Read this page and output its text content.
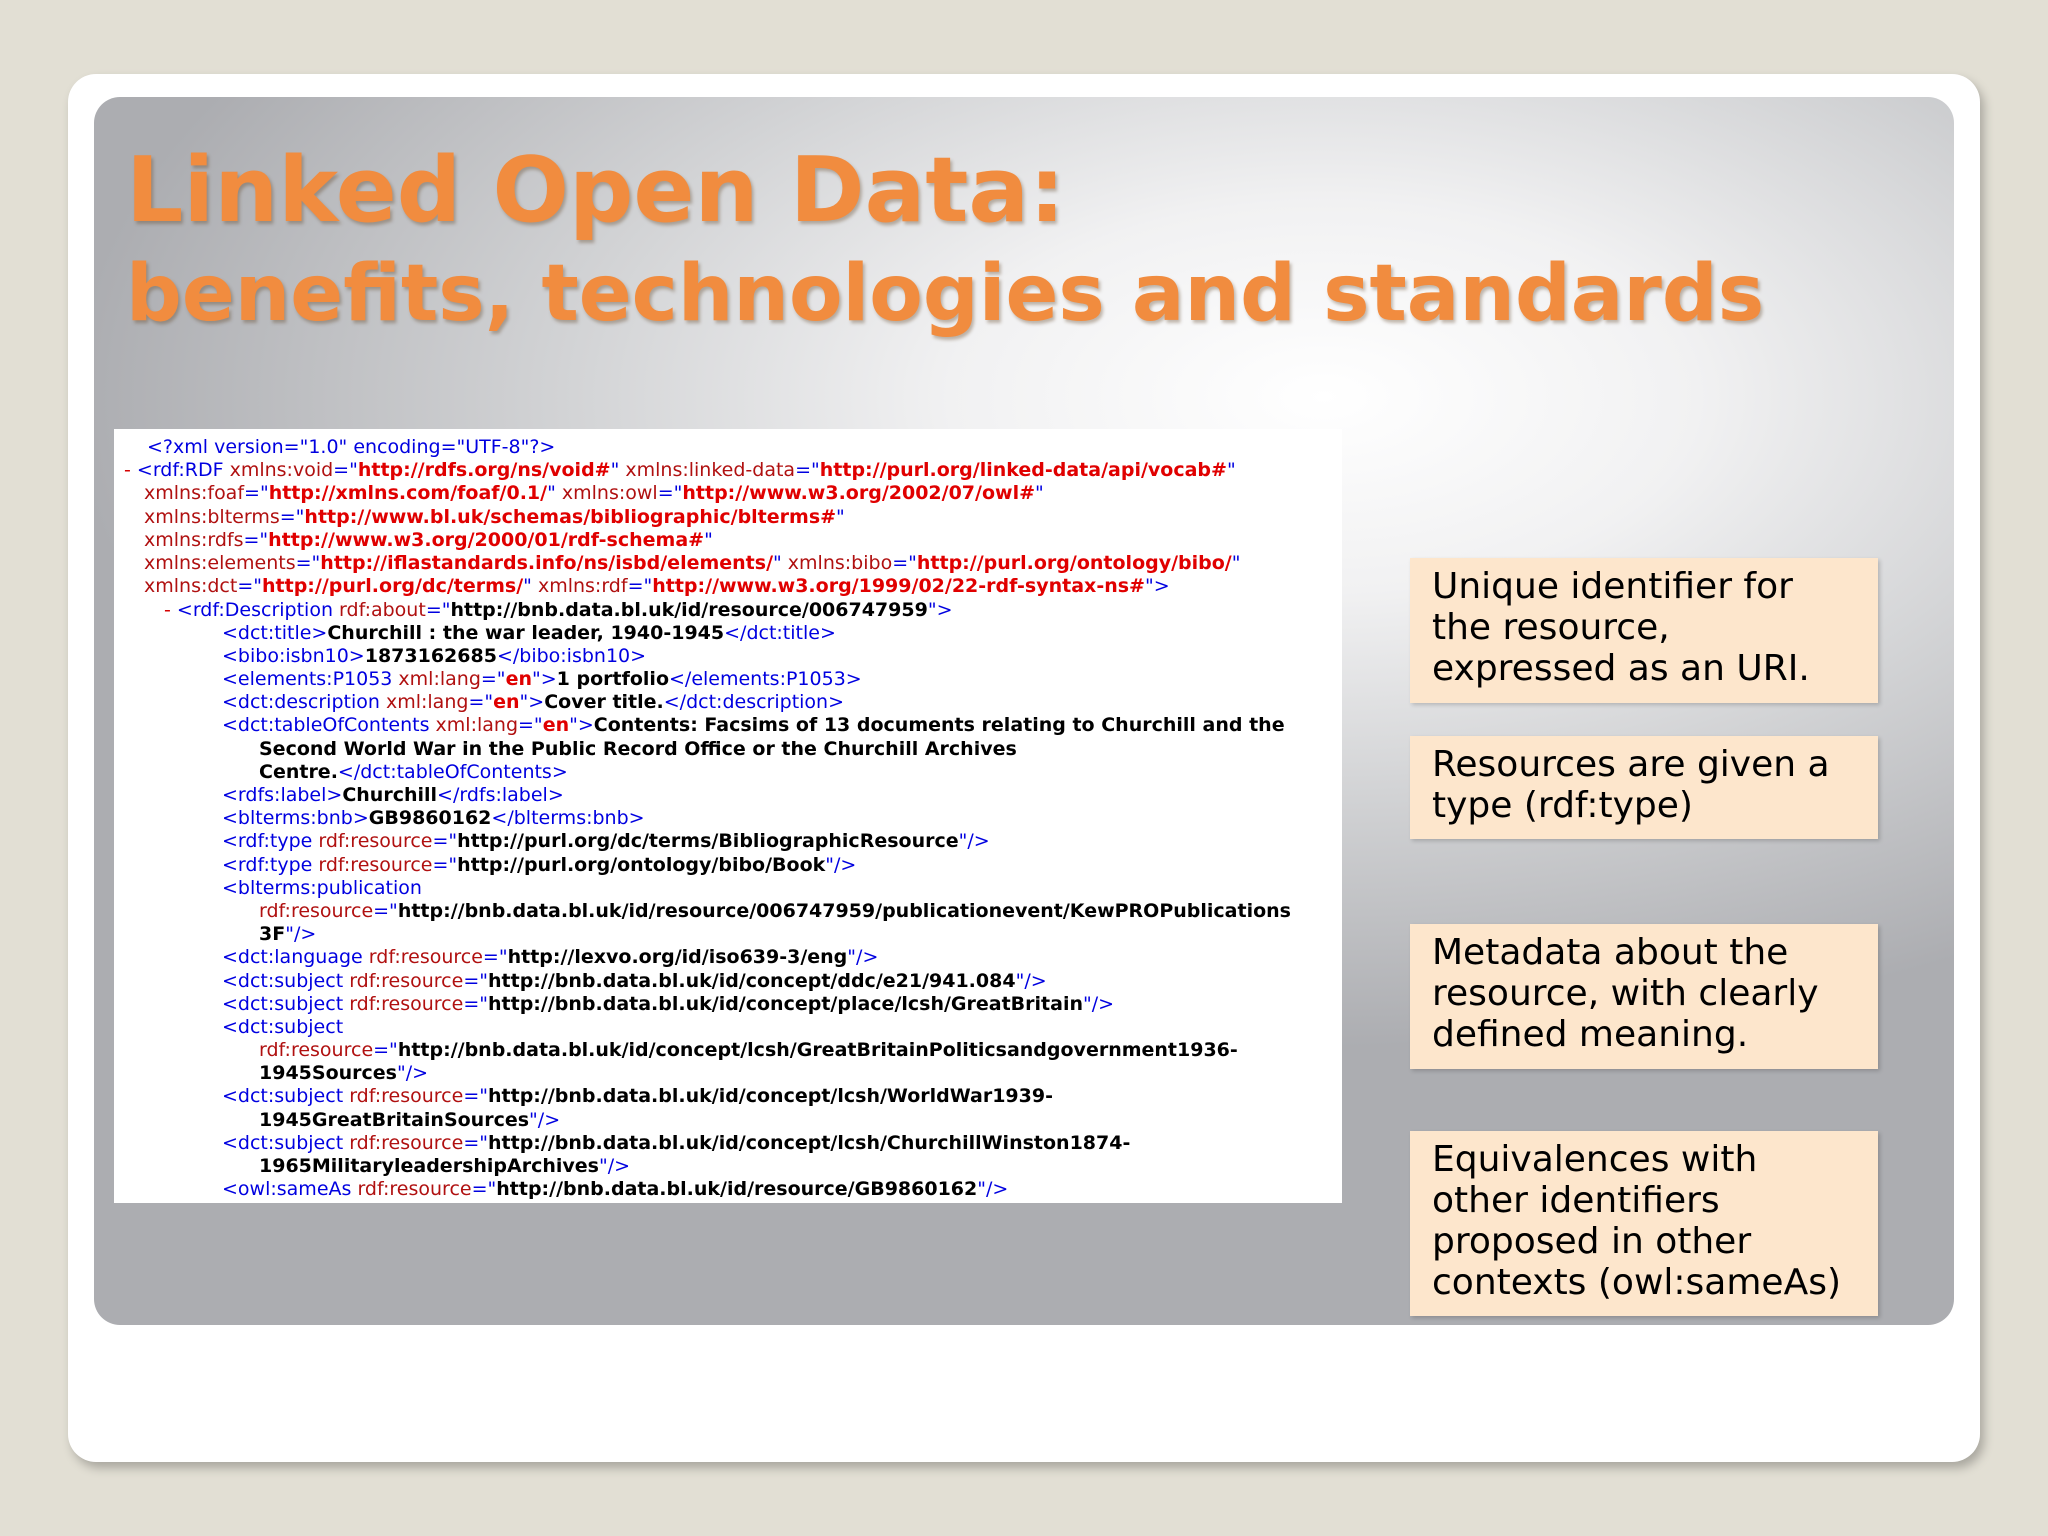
Linked Open Data:
benefits, technologies and standards
<?xml version="1.0" encoding="UTF-8"?>
- <rdf:RDF xmlns:void="http://rdfs.org/ns/void#" xmlns:linked-data="http://purl.org/linked-data/api/vocab#"
xmlns:foaf="http://xmlns.com/foaf/0.1/" xmlns:owl="http://www.w3.org/2002/07/owl#"
xmlns:blterms="http://www.bl.uk/schemas/bibliographic/blterms#"
xmlns:rdfs="http://www.w3.org/2000/01/rdf-schema#"
xmlns:elements="http://iflastandards.info/ns/isbd/elements/" xmlns:bibo="http://purl.org/ontology/bibo/"
xmlns:dct="http://purl.org/dc/terms/" xmlns:rdf="http://www.w3.org/1999/02/22-rdf-syntax-ns#">
- <rdf:Description rdf:about="http://bnb.data.bl.uk/id/resource/006747959">
<dct:title>Churchill : the war leader, 1940-1945</dct:title>
<bibo:isbn10>1873162685</bibo:isbn10>
<elements:P1053 xml:lang="en">1 portfolio</elements:P1053>
<dct:description xml:lang="en">Cover title.</dct:description>
<dct:tableOfContents xml:lang="en">Contents: Facsims of 13 documents relating to Churchill and the
Second World War in the Public Record Office or the Churchill Archives
Centre.</dct:tableOfContents>
<rdfs:label>Churchill</rdfs:label>
<blterms:bnb>GB9860162</blterms:bnb>
<rdf:type rdf:resource="http://purl.org/dc/terms/BibliographicResource"/>
<rdf:type rdf:resource="http://purl.org/ontology/bibo/Book"/>
<blterms:publication
rdf:resource="http://bnb.data.bl.uk/id/resource/006747959/publicationevent/KewPROPublications
3F"/>
<dct:language rdf:resource="http://lexvo.org/id/iso639-3/eng"/>
<dct:subject rdf:resource="http://bnb.data.bl.uk/id/concept/ddc/e21/941.084"/>
<dct:subject rdf:resource="http://bnb.data.bl.uk/id/concept/place/lcsh/GreatBritain"/>
<dct:subject
rdf:resource="http://bnb.data.bl.uk/id/concept/lcsh/GreatBritainPoliticsandgovernment1936-
1945Sources"/>
<dct:subject rdf:resource="http://bnb.data.bl.uk/id/concept/lcsh/WorldWar1939-
1945GreatBritainSources"/>
<dct:subject rdf:resource="http://bnb.data.bl.uk/id/concept/lcsh/ChurchillWinston1874-
1965MilitaryleadershipArchives"/>
<owl:sameAs rdf:resource="http://bnb.data.bl.uk/id/resource/GB9860162"/>
Unique identifier for the resource, expressed as an URI.
Resources are given a type (rdf:type)
Metadata about the resource, with clearly defined meaning.
Equivalences with other identifiers proposed in other contexts (owl:sameAs)
